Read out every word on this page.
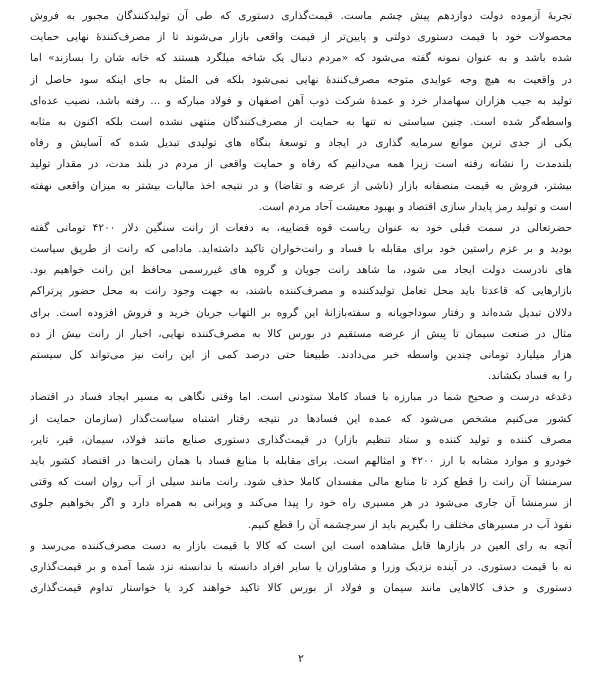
تجربهٔ آزموده دولت دوازدهم پیش چشم ماست. قیمت‌گذاری دستوری که طی آن تولیدکنندگان مجبور به فروش
محصولات خود با قیمت دستوری دولتی و پایین‌تر از قیمت واقعی بازار می‌شوند تا از مصرف‌کنندهٔ نهایی حمایت
شده باشد و به عنوان نمونه گفته می‌شود که «مردم دنبال یک شاخه میلگرد هستند که خانه شان را بسازند» اما
در واقعیت به هیچ وجه عوایدی متوجه مصرف‌کنندهٔ نهایی نمی‌شود بلکه فی المثل به جای اینکه سود حاصل از
تولید به جیب هزاران سهامدار خرد و عمدهٔ شرکت ذوب آهن اصفهان و فولاد مبارکه و ... رفته باشد، نصیب عده‌ای
واسطه‌گر شده است. چنین سیاستی نه تنها به حمایت از مصرف‌کنندگان منتهی نشده است بلکه اکنون به مثابه
یکی از جدی ترین موانع سرمایه گذاری در ایجاد و توسعهٔ بنگاه های تولیدی تبدیل شده که آسایش و رفاه
بلندمدت را نشانه رفته است زیرا همه می‌دانیم که رفاه و حمایت واقعی از مردم در بلند مدت، در مقدار تولید
بیشتر، فروش به قیمت منصفانه بازار (ناشی از عرضه و تقاضا) و در نتیجه اخذ مالیات بیشتر به میزان واقعی نهفته
است و تولید رمز پایدار سازی اقتصاد و بهبود معیشت آحاد مردم است.
حضرتعالی در سمت قبلی خود به عنوان ریاست قوه قضاییه، به دفعات از رانت سنگین دلار ۴۲۰۰ تومانی گفته
بودید و بر عزم راستین خود برای مقابله با فساد و رانت‌خواران تاکید داشته‌اید. مادامی که رانت از طریق سیاست
های نادرست دولت ایجاد می شود، ما شاهد رانت جویان و گروه های غیررسمی محافظ این رانت خواهیم بود.
بازارهایی که قاعدتا باید محل تعامل تولیدکننده و مصرف‌کننده باشند، به جهت وجود رانت به محل حضور پرتراکم
دلالان تبدیل شده‌اند و رفتار سوداجویانه و سفته‌بازانهٔ این گروه بر التهاب جریان خرید و فروش افزوده است. برای
مثال در صنعت سیمان تا پیش از عرضه مستقیم در بورس کالا به مصرف‌کننده نهایی، اخبار از رانت بیش از ده
هزار میلیارد تومانی چندین واسطه خبر می‌دادند. طبیعتا حتی درصد کمی از این رانت نیز می‌تواند کل سیستم
را به فساد بکشاند.
دغدغه درست و صحیح شما در مبارزه با فساد کاملا ستودنی است. اما وقتی نگاهی به مسیر ایجاد فساد در اقتصاد
کشور می‌کنیم مشخص می‌شود که عمده این فسادها در نتیجه رفتار اشتباه سیاست‌گذار (سازمان حمایت از
مصرف کننده و تولید کننده و ستاد تنظیم بازار) در قیمت‌گذاری دستوری صنایع مانند فولاد، سیمان، قیر، تایر،
خودرو و موارد مشابه با ارز ۴۲۰۰ و امثالهم است. برای مقابله با منابع فساد با همان رانت‌ها در اقتصاد کشور باید
سرمنشا آن رانت را قطع کرد تا منابع مالی مفسدان کاملا حذف شود. رانت مانند سیلی از آب روان است که وقتی
از سرمنشا آن جاری می‌شود در هر مسیری راه خود را پیدا می‌کند و ویرانی به همراه دارد و اگر بخواهیم جلوی
نفوذ آب در مسیرهای مختلف را بگیریم باید از سرچشمه آن را قطع کنیم.
آنچه به رای العین در بازارها قابل مشاهده است این است که کالا با قیمت بازار به دست مصرف‌کننده می‌رسد و
نه با قیمت دستوری. در آینده نزدیک وزرا و مشاوران یا سایر افراد دانسته یا ندانسته نزد شما آمده و بر قیمت‌گذاری
دستوری و حذف کالاهایی مانند سیمان و فولاد از بورس کالا تاکید خواهند کرد یا خواستار تداوم قیمت‌گذاری
۲
